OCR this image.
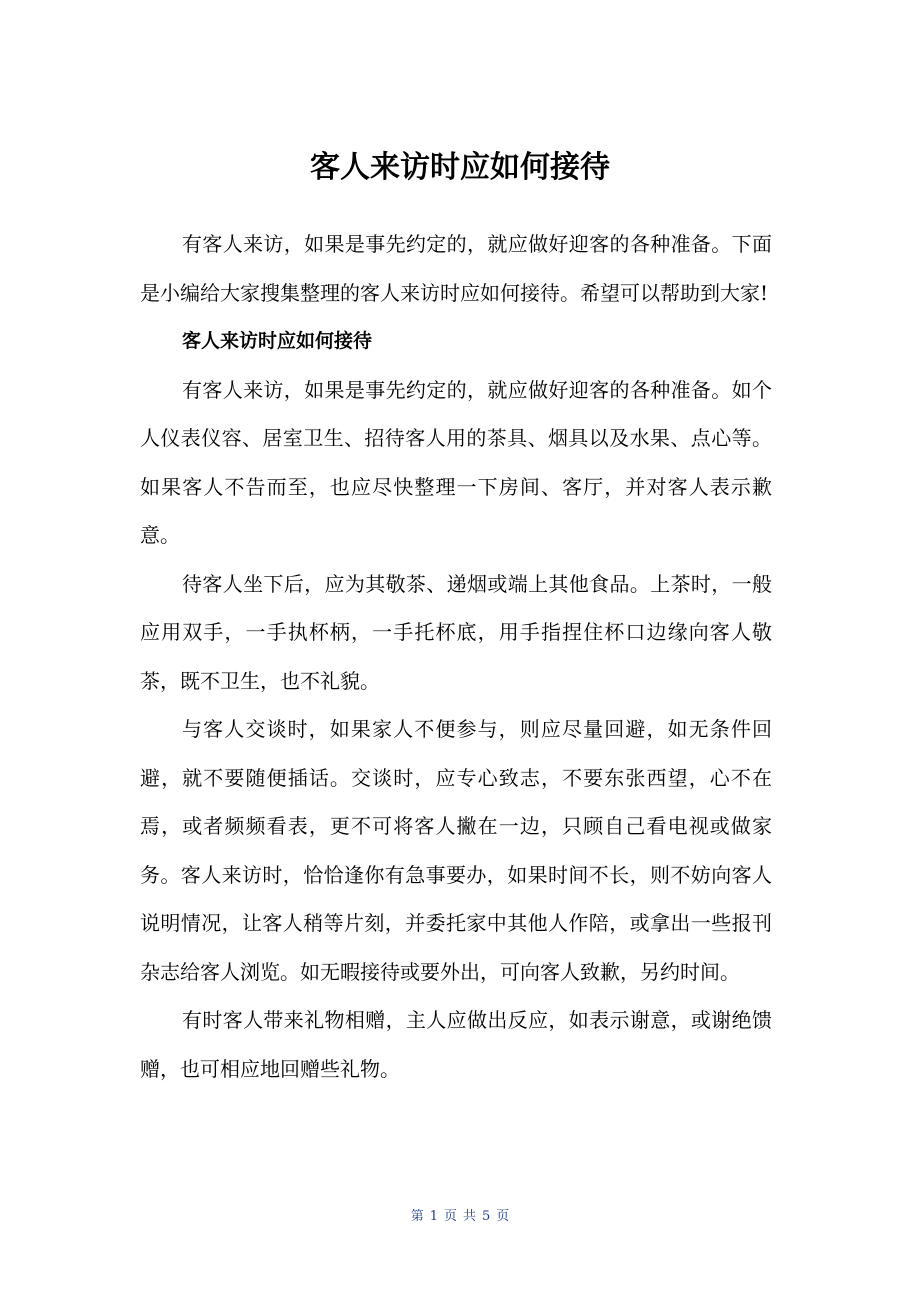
客人来访时应如何接待

有客人来访，如果是事先约定的，就应做好迎客的各种准备。下面是小编给大家搜集整理的客人来访时应如何接待。希望可以帮助到大家!

客人来访时应如何接待

有客人来访，如果是事先约定的，就应做好迎客的各种准备。如个人仪表仪容、居室卫生、招待客人用的茶具、烟具以及水果、点心等。如果客人不告而至，也应尽快整理一下房间、客厅，并对客人表示歉意。

待客人坐下后，应为其敬茶、递烟或端上其他食品。上茶时，一般应用双手，一手执杯柄，一手托杯底，用手指捏住杯口边缘向客人敬茶，既不卫生，也不礼貌。

与客人交谈时，如果家人不便参与，则应尽量回避，如无条件回避，就不要随便插话。交谈时，应专心致志，不要东张西望，心不在焉，或者频频看表，更不可将客人撇在一边，只顾自己看电视或做家务。客人来访时，恰恰逢你有急事要办，如果时间不长，则不妨向客人说明情况，让客人稍等片刻，并委托家中其他人作陪，或拿出一些报刊杂志给客人浏览。如无暇接待或要外出，可向客人致歉，另约时间。

有时客人带来礼物相赠，主人应做出反应，如表示谢意，或谢绝馈赠，也可相应地回赠些礼物。

第 1 页 共 5 页
